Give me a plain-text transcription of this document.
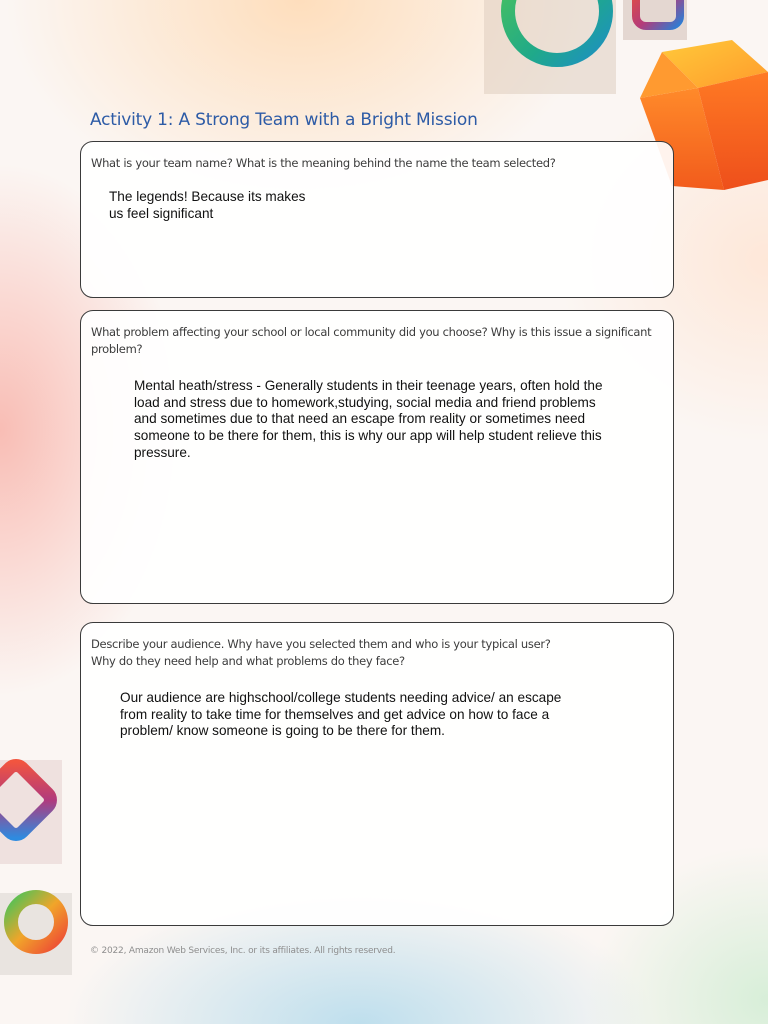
Activity 1: A Strong Team with a Bright Mission

What is your team name? What is the meaning behind the name the team selected?

The legends! Because its makes
us feel significant

What problem affecting your school or local community did you choose? Why is this issue a significant
problem?

Mental heath/stress - Generally students in their teenage years, often hold the
load and stress due to homework,studying, social media and friend problems
and sometimes due to that need an escape from reality or sometimes need
someone to be there for them, this is why our app will help student relieve this
pressure.

Describe your audience. Why have you selected them and who is your typical user?
Why do they need help and what problems do they face?

Our audience are highschool/college students needing advice/ an escape
from reality to take time for themselves and get advice on how to face a
problem/ know someone is going to be there for them.

© 2022, Amazon Web Services, Inc. or its affiliates. All rights reserved.
